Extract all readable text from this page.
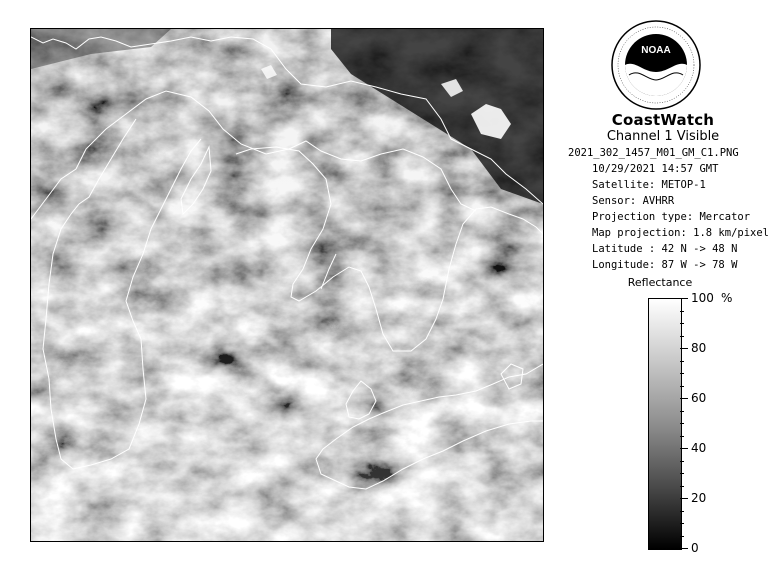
NOAA
CoastWatch
Channel 1 Visible
2021_302_1457_M01_GM_C1.PNG
10/29/2021 14:57 GMT
Satellite: METOP-1
Sensor: AVHRR
Projection type: Mercator
Map projection: 1.8 km/pixel
Latitude : 42 N -> 48 N
Longitude: 87 W -> 78 W
Reflectance
%
100
80
60
40
20
0
